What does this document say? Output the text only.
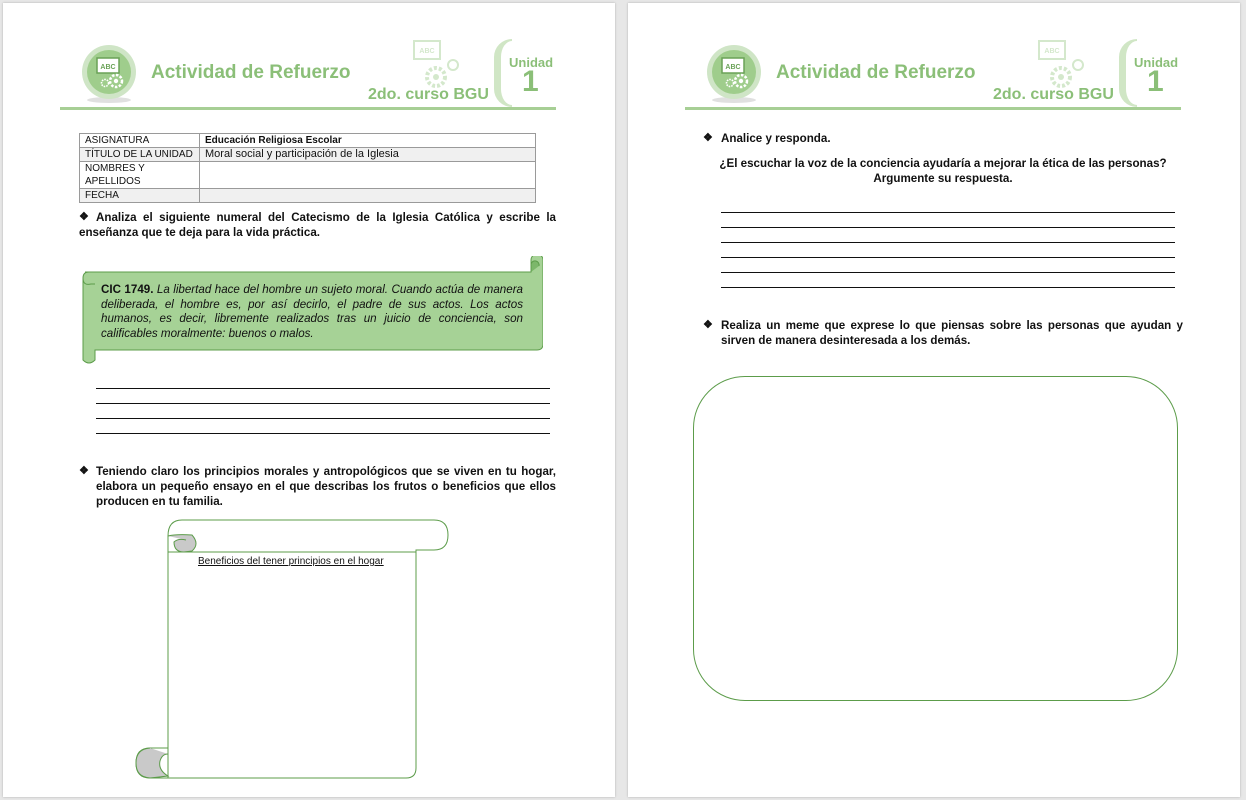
ABC Actividad de Refuerzo
ABC
2do. curso BGU
Unidad
1
ASIGNATURA	Educación Religiosa Escolar
TÍTULO DE LA UNIDAD	Moral social y participación de la Iglesia
NOMBRES Y APELLIDOS	
FECHA	
❖ Analiza el siguiente numeral del Catecismo de la Iglesia Católica y escribe la enseñanza que te deja para la vida práctica.
CIC 1749. La libertad hace del hombre un sujeto moral. Cuando actúa de manera deliberada, el hombre es, por así decirlo, el padre de sus actos. Los actos humanos, es decir, libremente realizados tras un juicio de conciencia, son calificables moralmente: buenos o malos.
❖ Teniendo claro los principios morales y antropológicos que se viven en tu hogar, elabora un pequeño ensayo en el que describas los frutos o beneficios que ellos producen en tu familia.
Beneficios del tener principios en el hogar
ABC Actividad de Refuerzo
ABC
2do. curso BGU
Unidad
1
❖ Analice y responda.
¿El escuchar la voz de la conciencia ayudaría a mejorar la ética de las personas? Argumente su respuesta.
❖ Realiza un meme que exprese lo que piensas sobre las personas que ayudan y sirven de manera desinteresada a los demás.
